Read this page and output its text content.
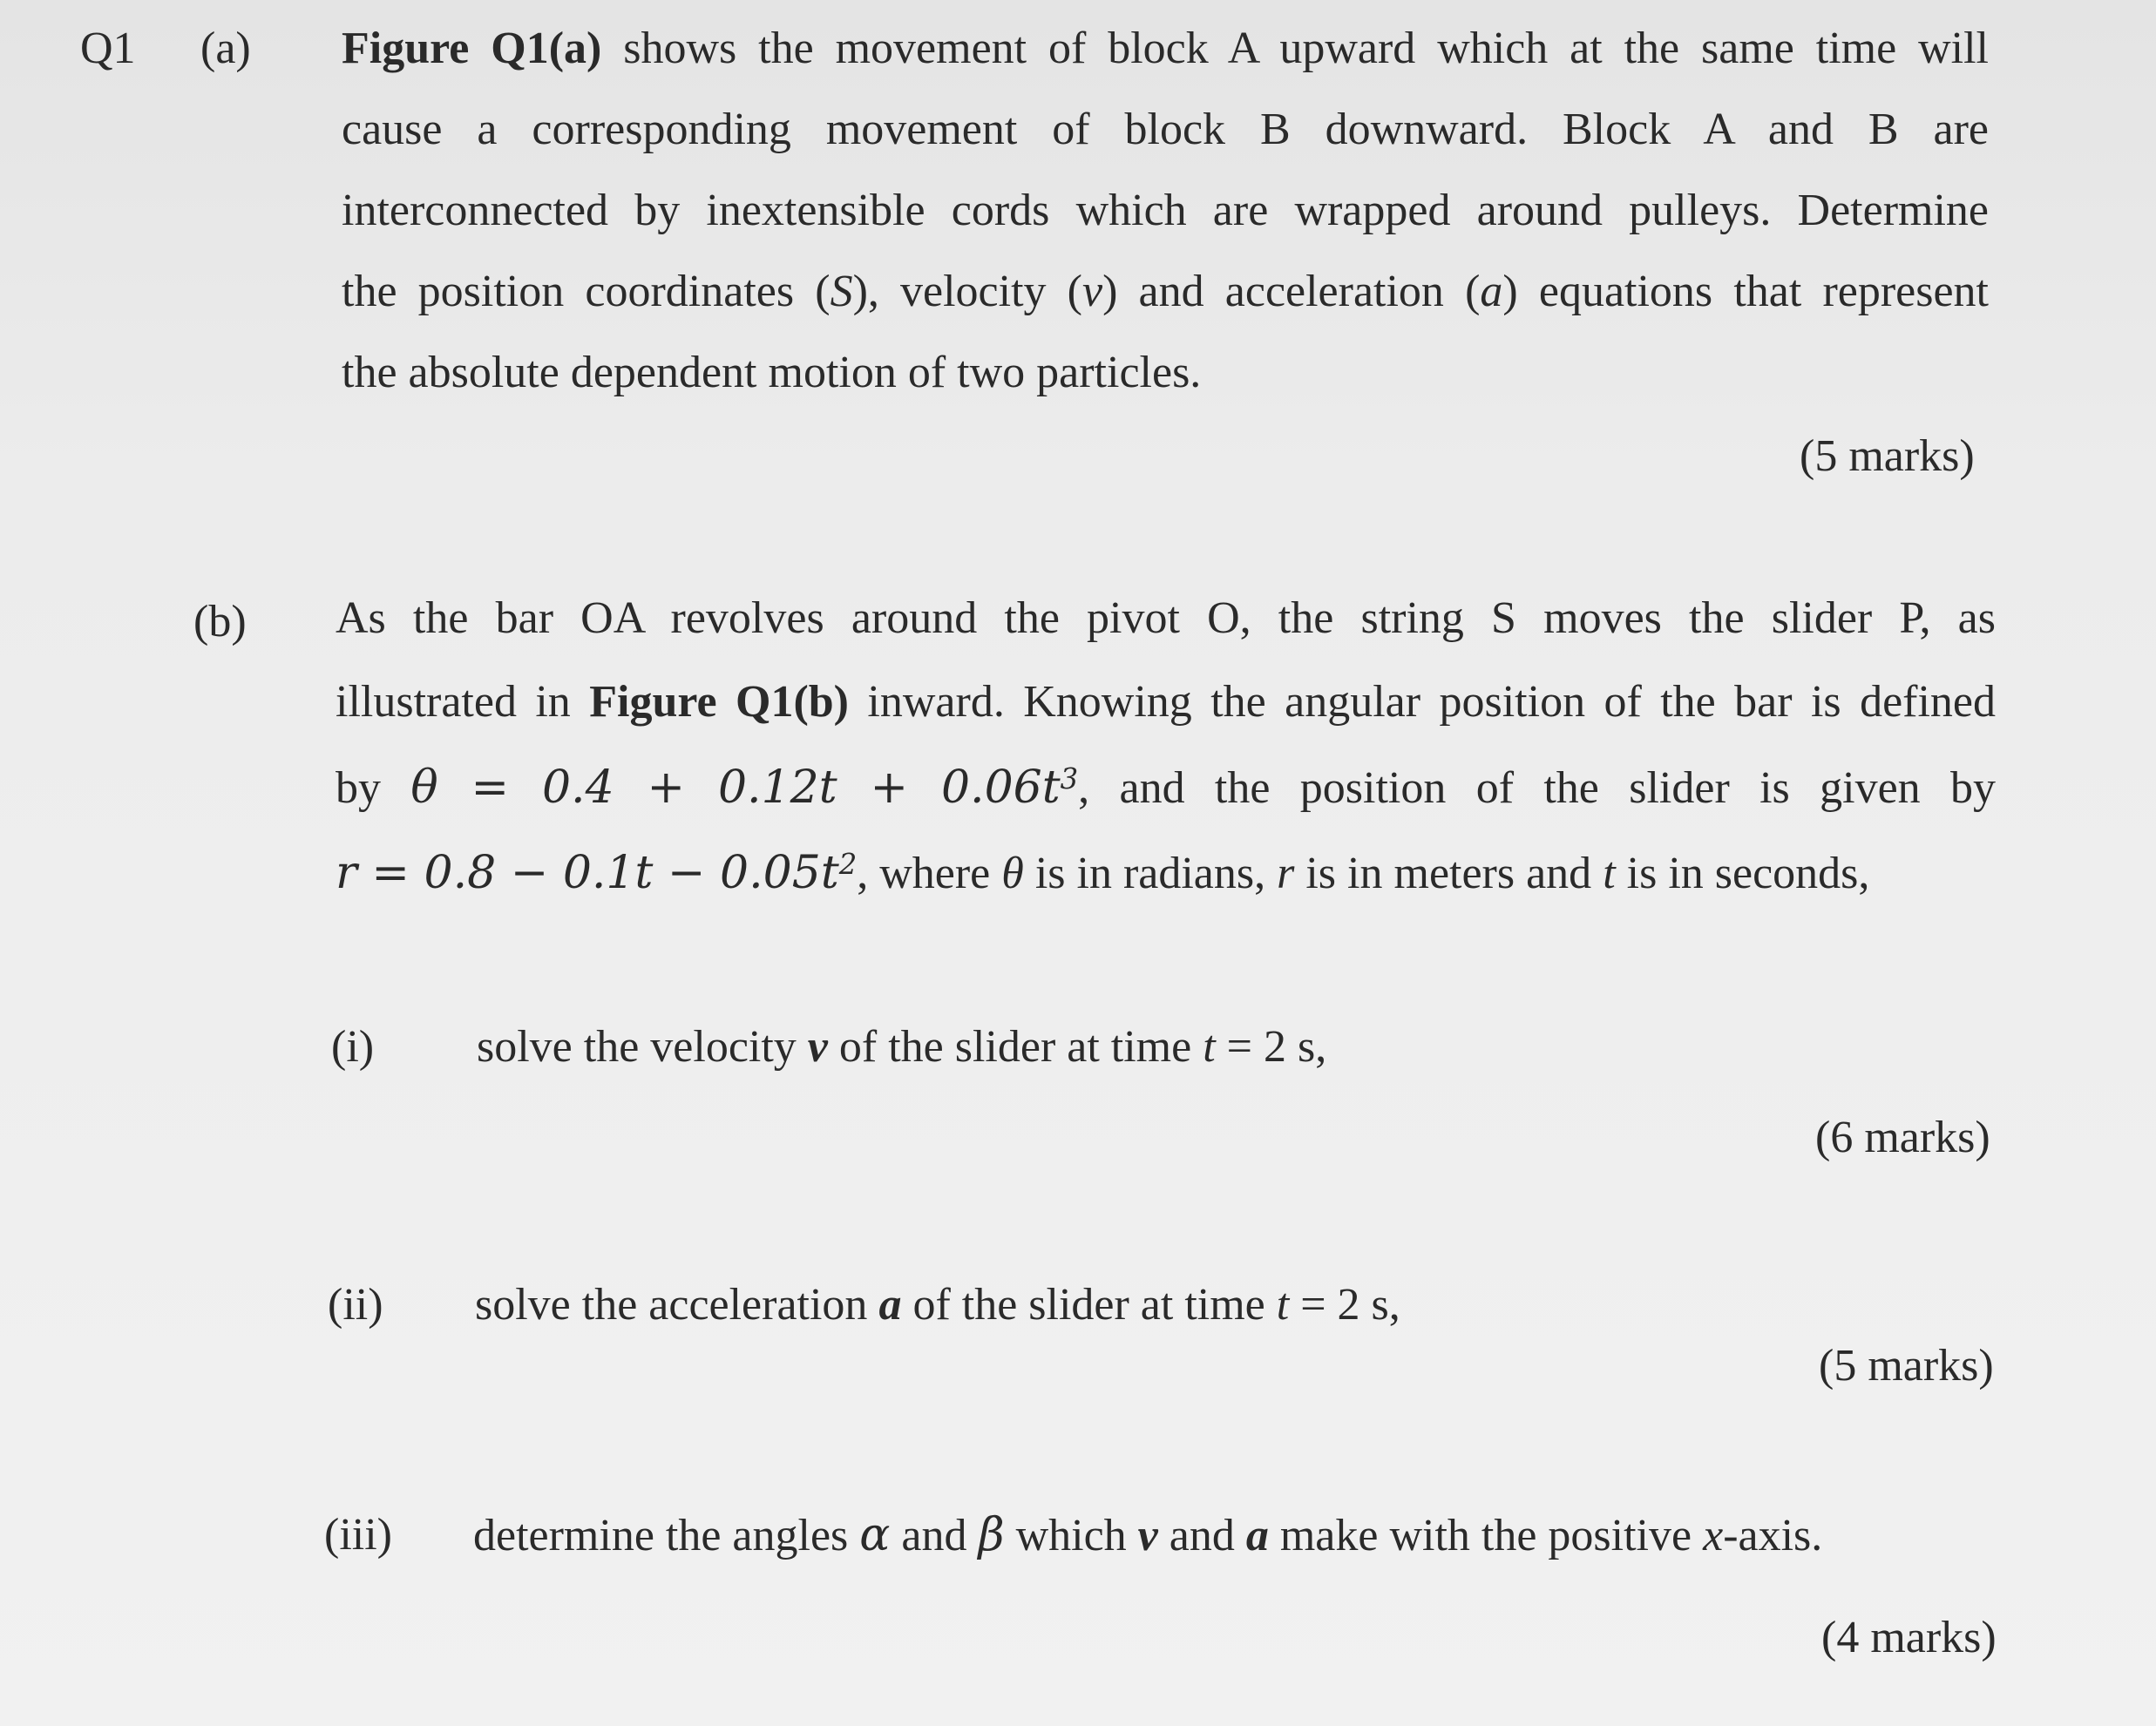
Q1 (a) Figure Q1(a) shows the movement of block A upward which at the same time will
cause a corresponding movement of block B downward. Block A and B are
interconnected by inextensible cords which are wrapped around pulleys. Determine
the position coordinates (S), velocity (v) and acceleration (a) equations that represent
the absolute dependent motion of two particles.
(5 marks)
(b) As the bar OA revolves around the pivot O, the string S moves the slider P, as
illustrated in Figure Q1(b) inward. Knowing the angular position of the bar is defined
by $\theta = 0.4 + 0.12t + 0.06t^3$, and the position of the slider is given by
$r = 0.8 - 0.1t - 0.05t^2$, where θ is in radians, r is in meters and t is in seconds,
(i) solve the velocity v of the slider at time t = 2 s,
(6 marks)
(ii) solve the acceleration a of the slider at time t = 2 s,
(5 marks)
(iii) determine the angles α and β which v and a make with the positive x-axis.
(4 marks)
